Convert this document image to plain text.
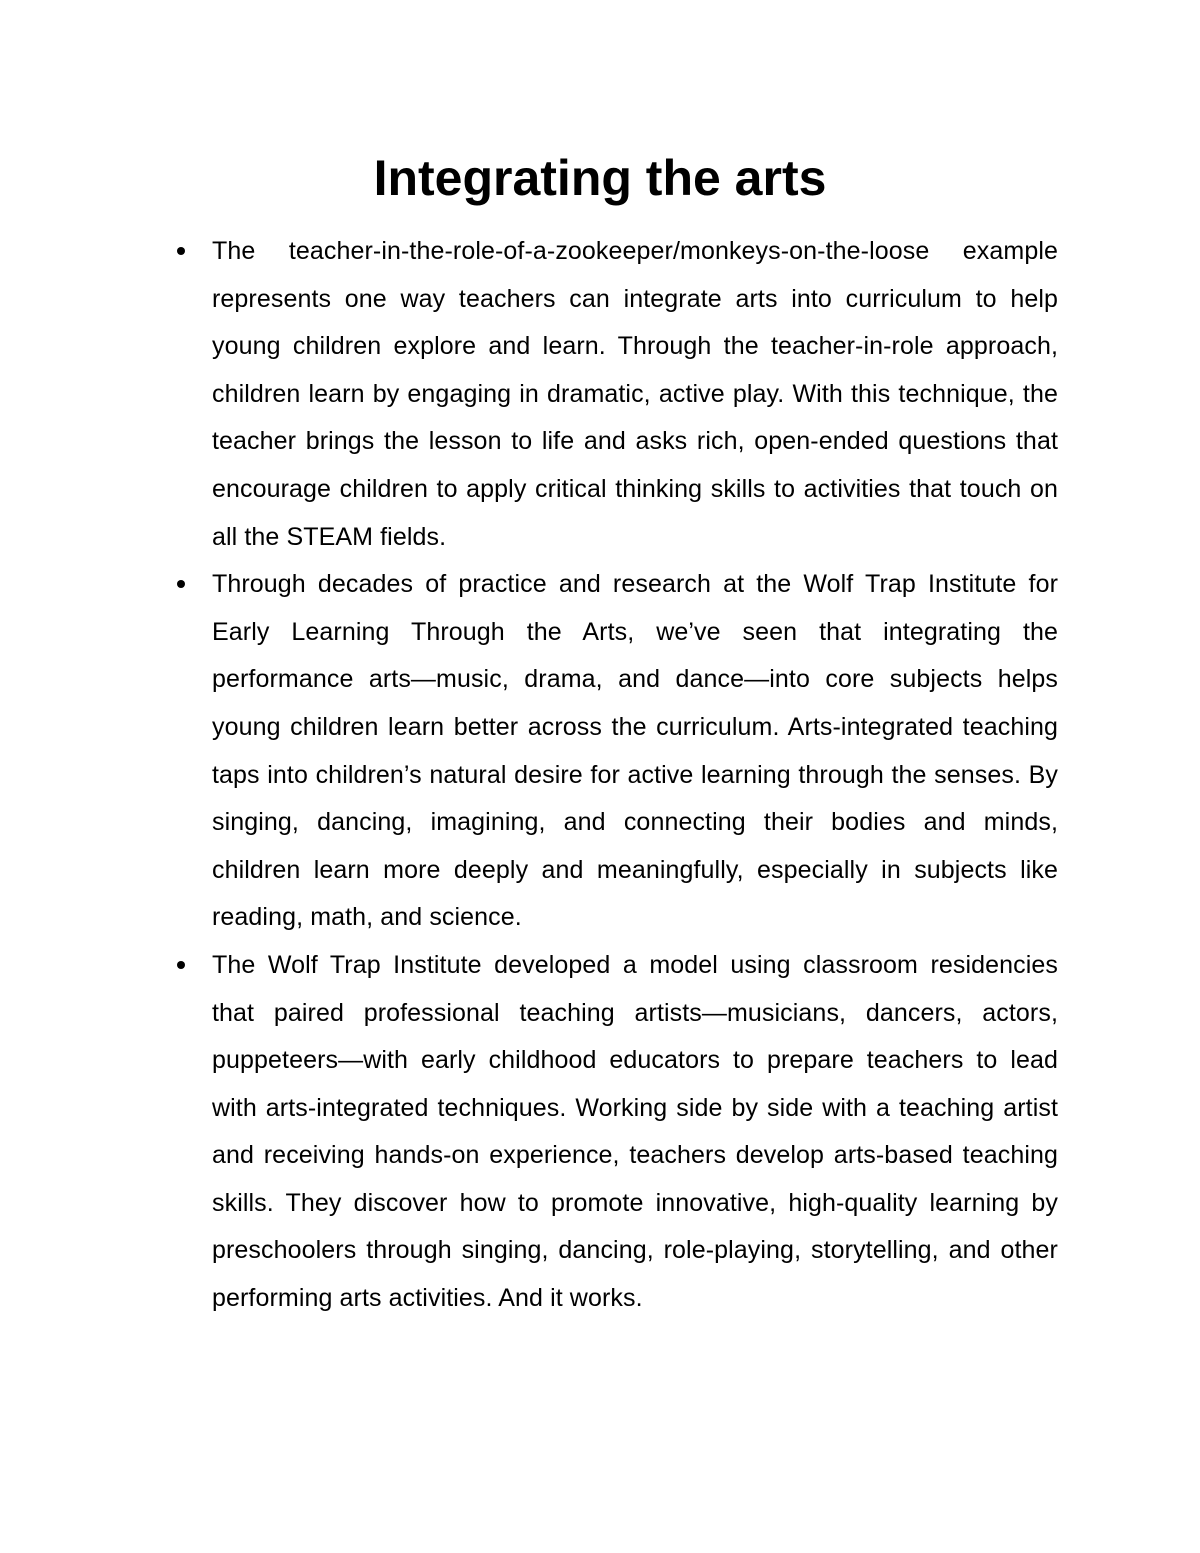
Integrating the arts
The teacher-in-the-role-of-a-zookeeper/monkeys-on-the-loose example represents one way teachers can integrate arts into curriculum to help young children explore and learn. Through the teacher-in-role approach, children learn by engaging in dramatic, active play. With this technique, the teacher brings the lesson to life and asks rich, open-ended questions that encourage children to apply critical thinking skills to activities that touch on all the STEAM fields.
Through decades of practice and research at the Wolf Trap Institute for Early Learning Through the Arts, we’ve seen that integrating the performance arts—music, drama, and dance—into core subjects helps young children learn better across the curriculum. Arts-integrated teaching taps into children’s natural desire for active learning through the senses. By singing, dancing, imagining, and connecting their bodies and minds, children learn more deeply and meaningfully, especially in subjects like reading, math, and science.
The Wolf Trap Institute developed a model using classroom residencies that paired professional teaching artists—musicians, dancers, actors, puppeteers—with early childhood educators to prepare teachers to lead with arts-integrated techniques. Working side by side with a teaching artist and receiving hands-on experience, teachers develop arts-based teaching skills. They discover how to promote innovative, high-quality learning by preschoolers through singing, dancing, role-playing, storytelling, and other performing arts activities. And it works.
